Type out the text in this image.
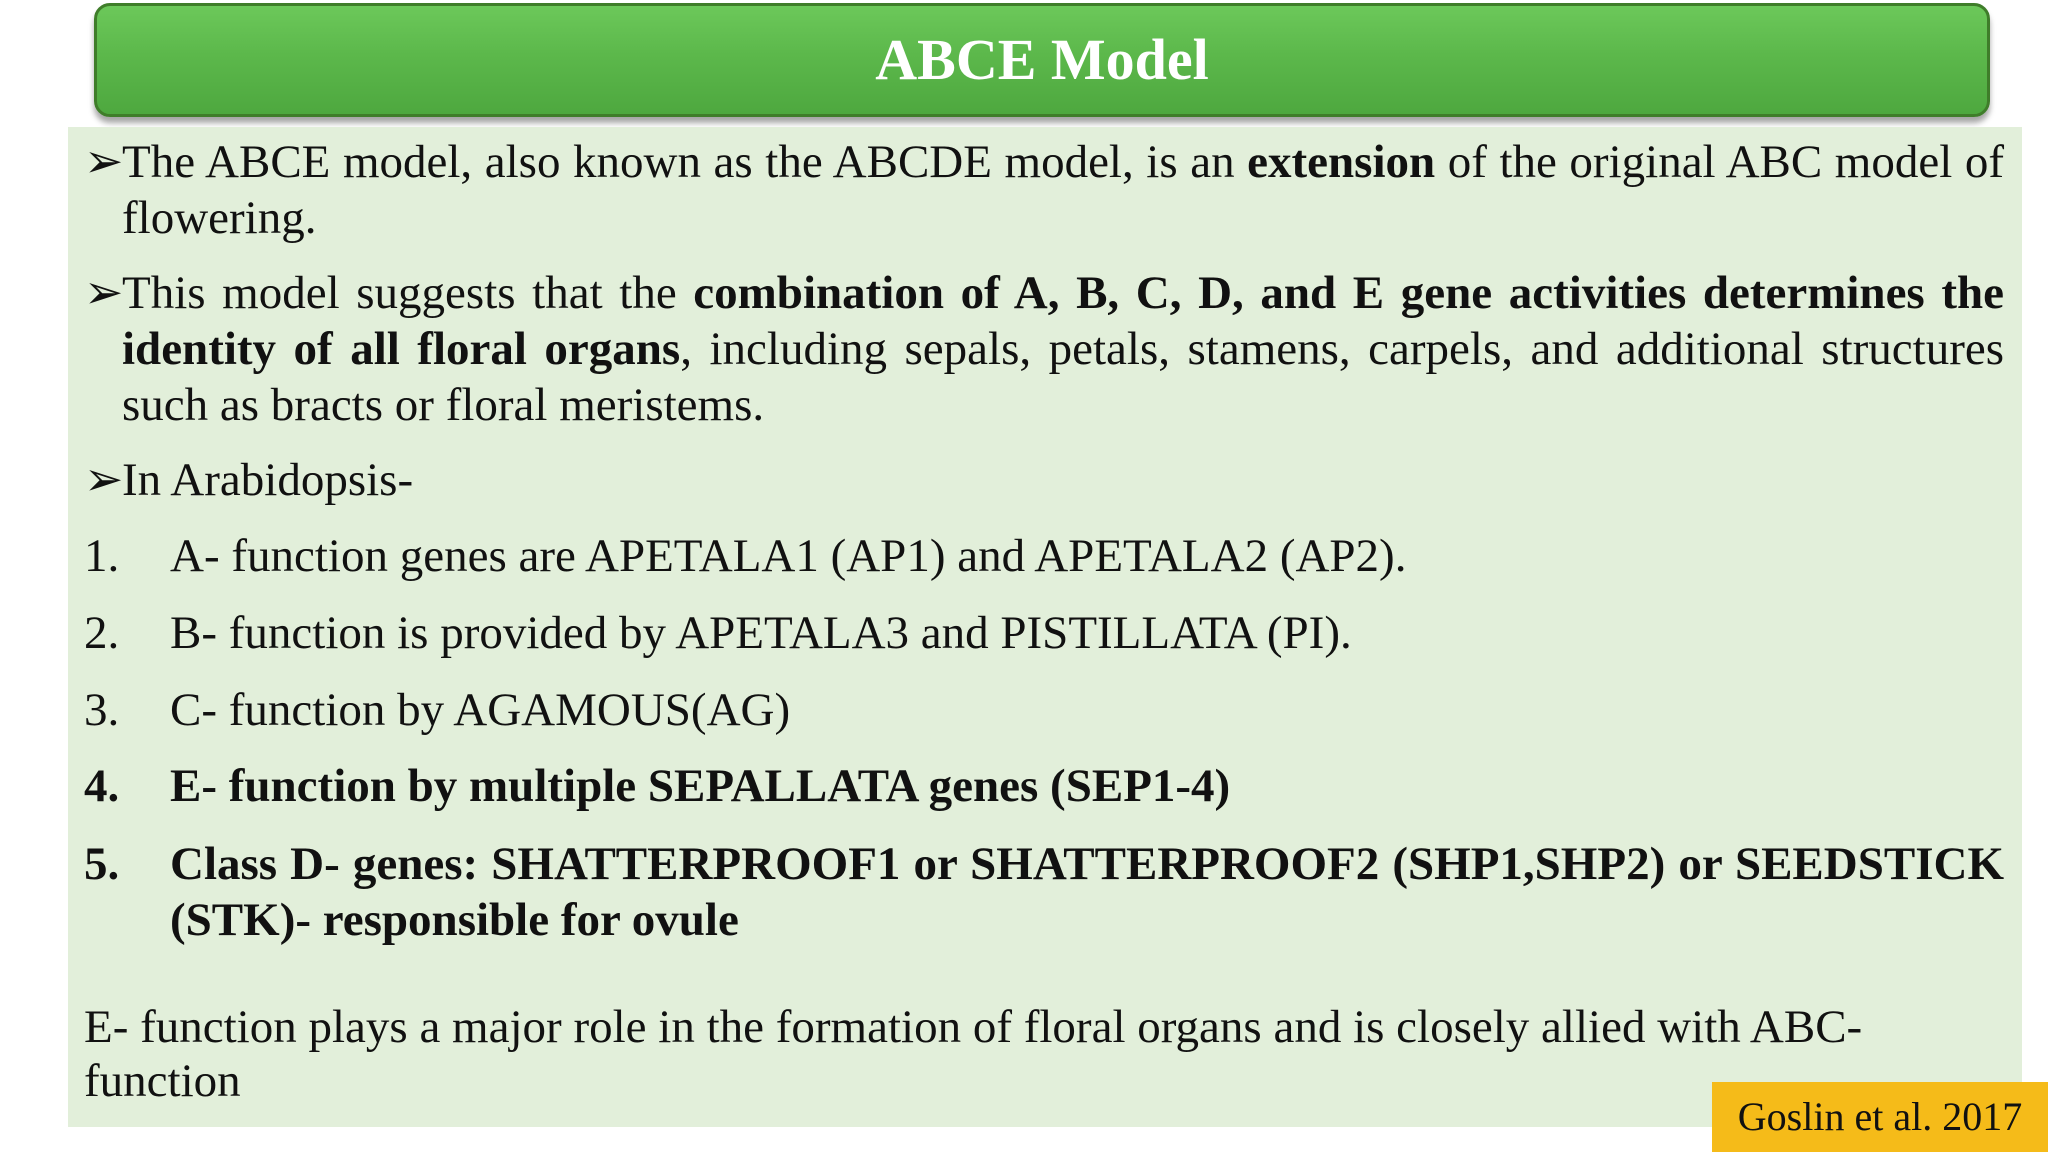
ABCE Model
➢
The ABCE model, also known as the ABCDE model, is an extension of the original ABC model of flowering.
➢
This model suggests that the combination of A, B, C, D, and E gene activities determines the identity of all floral organs, including sepals, petals, stamens, carpels, and additional structures such as bracts or floral meristems.
➢
In Arabidopsis-
1. A- function genes are APETALA1 (AP1) and APETALA2 (AP2).
2. B- function is provided by APETALA3 and PISTILLATA (PI).
3. C- function by AGAMOUS(AG)
4. E- function by multiple SEPALLATA genes (SEP1-4)
5. Class D- genes: SHATTERPROOF1 or SHATTERPROOF2 (SHP1,SHP2) or SEEDSTICK (STK)- responsible for ovule
E- function plays a major role in the formation of floral organs and is closely allied with ABC- function
Goslin et al. 2017
